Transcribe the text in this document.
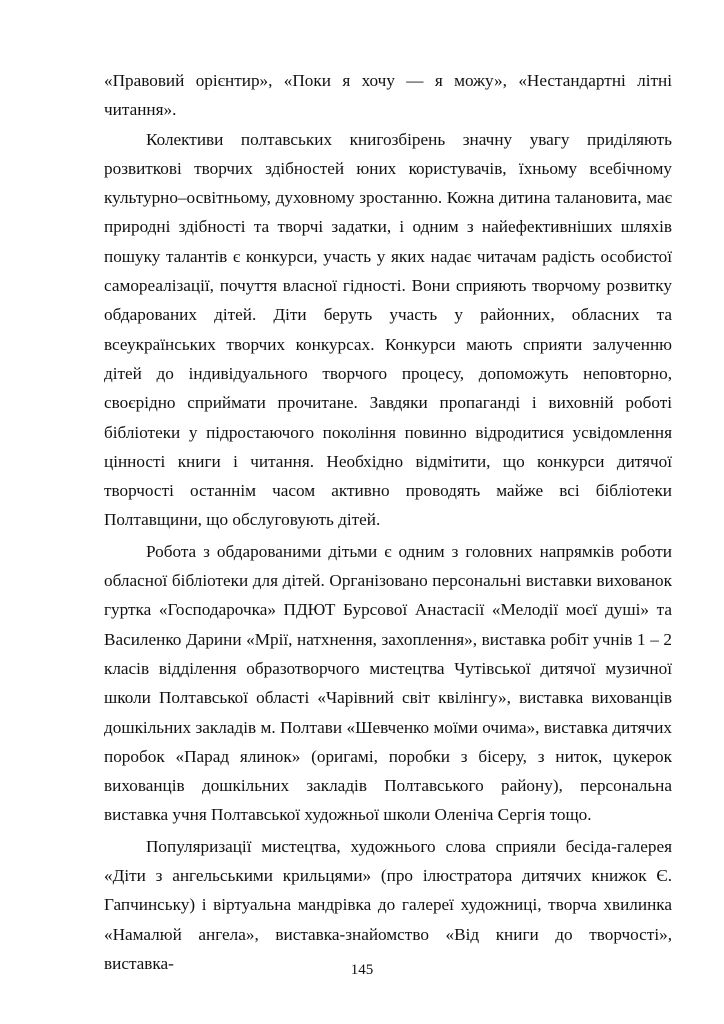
«Правовий орієнтир», «Поки я хочу — я можу», «Нестандартні літні читання».

Колективи полтавських книгозбірень значну увагу приділяють розвиткові творчих здібностей юних користувачів, їхньому всебічному культурно–освітньому, духовному зростанню. Кожна дитина талановита, має природні здібності та творчі задатки, і одним з найефективніших шляхів пошуку талантів є конкурси, участь у яких надає читачам радість особистої самореалізації, почуття власної гідності. Вони сприяють творчому розвитку обдарованих дітей. Діти беруть участь у районних, обласних та всеукраїнських творчих конкурсах. Конкурси мають сприяти залученню дітей до індивідуального творчого процесу, допоможуть неповторно, своєрідно сприймати прочитане. Завдяки пропаганді і виховній роботі бібліотеки у підростаючого покоління повинно відродитися усвідомлення цінності книги і читання. Необхідно відмітити, що конкурси дитячої творчості останнім часом активно проводять майже всі бібліотеки Полтавщини, що обслуговують дітей.

Робота з обдарованими дітьми є одним з головних напрямків роботи обласної бібліотеки для дітей. Організовано персональні виставки вихованок гуртка «Господарочка» ПДЮТ Бурсової Анастасії «Мелодії моєї душі» та Василенко Дарини «Мрії, натхнення, захоплення», виставка робіт учнів 1 – 2 класів відділення образотворчого мистецтва Чутівської дитячої музичної школи Полтавської області «Чарівний світ квілінгу», виставка вихованців дошкільних закладів м. Полтави «Шевченко моїми очима», виставка дитячих поробок «Парад ялинок» (оригамі, поробки з бісеру, з ниток, цукерок вихованців дошкільних закладів Полтавського району), персональна виставка учня Полтавської художньої школи Оленіча Сергія тощо.

Популяризації мистецтва, художнього слова сприяли бесіда-галерея «Діти з ангельськими крильцями» (про ілюстратора дитячих книжок Є. Гапчинську) і віртуальна мандрівка до галереї художниці, творча хвилинка «Намалюй ангела», виставка-знайомство «Від книги до творчості», виставка-	145
